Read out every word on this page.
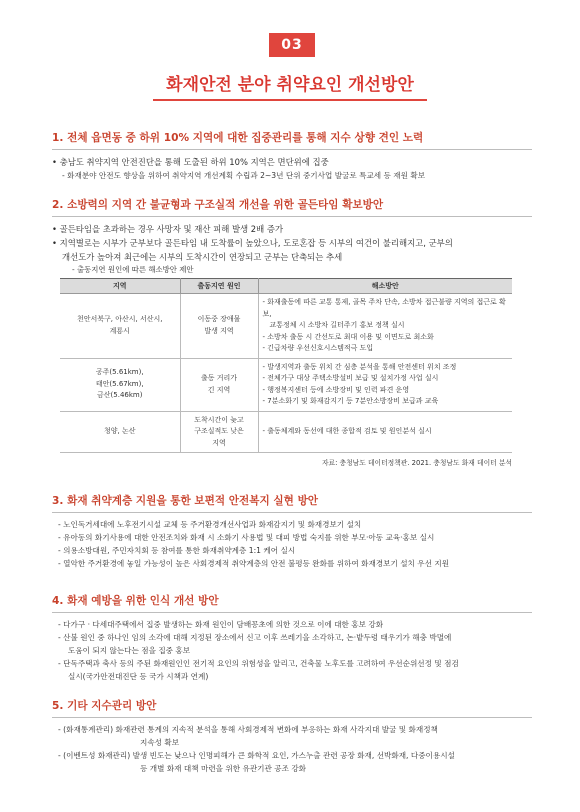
03
화재안전 분야 취약요인 개선방안
1. 전체 읍면동 중 하위 10% 지역에 대한 집중관리를 통해 지수 상향 견인 노력
• 충남도 취약지역 안전진단을 통해 도출된 하위 10% 지역은 면단위에 집중
- 화재분야 안전도 향상을 위하여 취약지역 개선계획 수립과 2~3년 단위 중기사업 발굴로 특교세 등 재원 확보
2. 소방력의 지역 간 불균형과 구조실적 개선을 위한 골든타임 확보방안
• 골든타임을 초과하는 경우 사망자 및 재산 피해 발생 2배 증가
• 지역별로는 시부가 군부보다 골든타임 내 도착률이 높았으나, 도로혼잡 등 시부의 여건이 불리해지고, 군부의
개선도가 높아져 최근에는 시부의 도착시간이 연장되고 군부는 단축되는 추세
- 출동지연 원인에 따른 해소방안 제안
지역	출동지연 원인	해소방안
천안서북구, 아산시, 서산시, 계룡시	이동중 장애물 발생 지역	- 화재출동에 따른 교통 통제, 골목 주차 단속, 소방차 접근불량 지역의 접근로 확보,
교통정체 시 소방차 길터주기 홍보 정책 실시
- 소방차 출동 시 간선도로 최대 이용 및 이면도로 최소화
- 긴급차량 우선신호시스템적극 도입

공주(5.61km),
태안(5.67km),
금산(5.46km)	출동 거리가 긴 지역	- 발생지역과 출동 위치 간 심층 분석을 통해 안전센터 위치 조정
- 전체가구 대상 주택소방설비 보급 및 설치가정 사업 실시
- 행정복지센터 등에 소방장비 및 인력 파견 운영
- 7분소화기 및 화재감지기 등 7분안소방장비 보급과 교육

청양, 논산	도착시간이 늦고 구조실적도 낮은 지역	- 출동체계와 동선에 대한 종합적 검토 및 원인분석 실시
자료: 충청남도 데이터정책관. 2021. 충청남도 화재 데이터 분석
3. 화재 취약계층 지원을 통한 보편적 안전복지 실현 방안
- 노인독거세대에 노후전기시설 교체 등 주거환경개선사업과 화재감지기 및 화재경보기 설치
- 유아동의 화기사용에 대한 안전조치와 화재 시 소화기 사용법 및 대피 방법 숙지를 위한 부모·아동 교육·홍보 실시
- 의용소방대원, 주민자치회 등 참여를 통한 화재취약계층 1:1 케어 실시
- 열악한 주거환경에 놓일 가능성이 높은 사회경제적 취약계층의 안전 불평등 완화를 위하여 화재경보기 설치 우선 지원
4. 화재 예방을 위한 인식 개선 방안
- 다가구 · 다세대주택에서 집중 발생하는 화재 원인이 담배꽁초에 의한 것으로 이에 대한 홍보 강화
- 산불 원인 중 하나인 임의 소각에 대해 지정된 장소에서 신고 이후 쓰레기을 소각하고, 논·밭두렁 태우기가 해충 박멸에
도움이 되지 않는다는 점을 집중 홍보
- 단독주택과 축사 등의 주된 화재원인인 전기적 요인의 위험성을 알리고, 건축물 노후도를 고려하여 우선순위선정 및 점검
실시(국가안전대진단 등 국가 시책과 연계)
5. 기타 지수관리 방안
- (화재통계관리) 화재관련 통계의 지속적 분석을 통해 사회경제적 변화에 부응하는 화재 사각지대 발굴 및 화재정책
지속성 확보
- (이벤트성 화재관리) 발생 빈도는 낮으나 인명피해가 큰 화학적 요인, 가스누출 관련 공장 화재, 선박화재, 다중이용시설
등 개별 화재 대책 마련을 위한 유관기관 공조 강화
